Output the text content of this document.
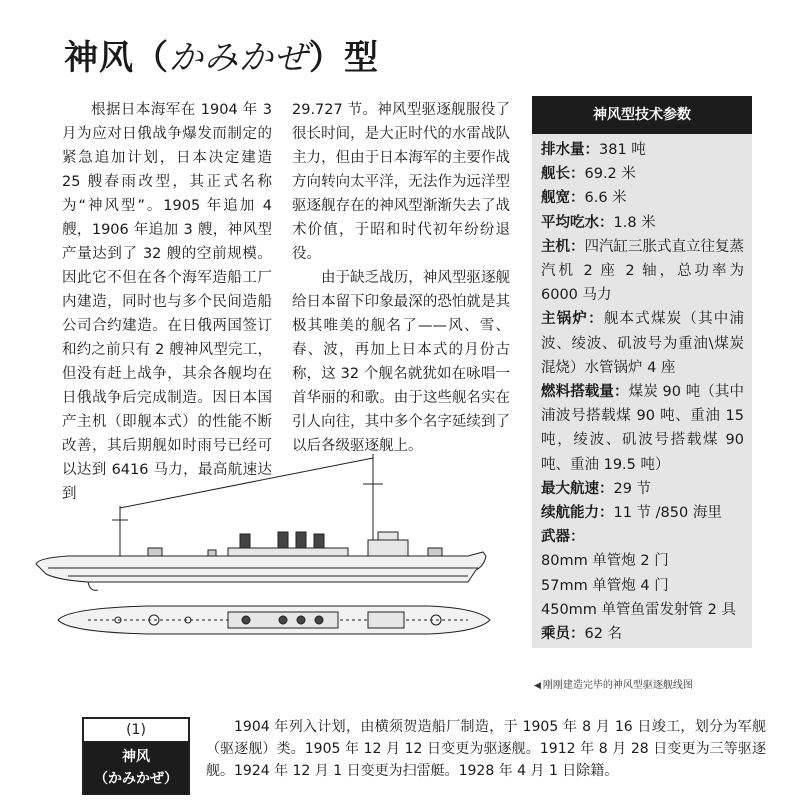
神风（かみかぜ）型

根据日本海军在 1904 年 3 月为应对日俄战争爆发而制定的紧急追加计划，日本决定建造 25 艘春雨改型，其正式名称为“神风型”。1905 年追加 4 艘，1906 年追加 3 艘，神风型产量达到了 32 艘的空前规模。因此它不但在各个海军造船工厂内建造，同时也与多个民间造船公司合约建造。在日俄两国签订和约之前只有 2 艘神风型完工，但没有赶上战争，其余各舰均在日俄战争后完成制造。因日本国产主机（即舰本式）的性能不断改善，其后期舰如时雨号已经可以达到 6416 马力，最高航速达到

29.727 节。神风型驱逐舰服役了很长时间，是大正时代的水雷战队主力，但由于日本海军的主要作战方向转向太平洋，无法作为远洋型驱逐舰存在的神风型渐渐失去了战术价值，于昭和时代初年纷纷退役。

由于缺乏战历，神风型驱逐舰给日本留下印象最深的恐怕就是其极其唯美的舰名了——风、雪、春、波，再加上日本式的月份古称，这 32 个舰名就犹如在咏唱一首华丽的和歌。由于这些舰名实在引人向往，其中多个名字延续到了以后各级驱逐舰上。

神风型技术参数

排水量：381 吨

舰长：69.2 米

舰宽：6.6 米

平均吃水：1.8 米

主机：四汽缸三胀式直立往复蒸汽机 2 座 2 轴，总功率为 6000 马力

主锅炉：舰本式煤炭（其中浦波、绫波、矶波号为重油\煤炭混烧）水管锅炉 4 座

燃料搭载量：煤炭 90 吨（其中浦波号搭载煤 90 吨、重油 15 吨，绫波、矶波号搭载煤 90 吨、重油 19.5 吨）

最大航速：29 节

续航能力：11 节 /850 海里

武器：

80mm 单管炮 2 门

57mm 单管炮 4 门

450mm 单管鱼雷发射管 2 具

乘员：62 名

◀ 刚刚建造完毕的神风型驱逐舰线图
(1)
神风
（かみかぜ）
1904 年列入计划，由横须贺造船厂制造，于 1905 年 8 月 16 日竣工，划分为军舰（驱逐舰）类。1905 年 12 月 12 日变更为驱逐舰。1912 年 8 月 28 日变更为三等驱逐舰。1924 年 12 月 1 日变更为扫雷艇。1928 年 4 月 1 日除籍。
